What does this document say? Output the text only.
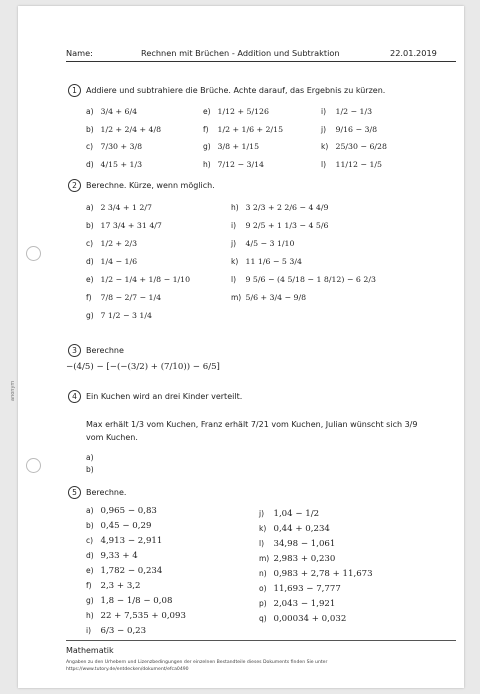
anonym
Name:	Rechnen mit Brüchen - Addition und Subtraktion	22.01.2019
1	Addiere und subtrahiere die Brüche. Achte darauf, das Ergebnis zu kürzen.
a) 3/4 + 6/4
b) 1/2 + 2/4 + 4/8
c) 7/30 + 3/8
d) 4/15 + 1/3
e) 1/12 + 5/126
f) 1/2 + 1/6 + 2/15
g) 3/8 + 1/15
h) 7/12 − 3/14
i) 1/2 − 1/3
j) 9/16 − 3/8
k) 25/30 − 6/28
l) 11/12 − 1/5
2	Berechne. Kürze, wenn möglich.
a) 2 3/4 + 1 2/7
b) 17 3/4 + 31 4/7
c) 1/2 + 2/3
d) 1/4 − 1/6
e) 1/2 − 1/4 + 1/8 − 1/10
f) 7/8 − 2/7 − 1/4
g) 7 1/2 − 3 1/4
h) 3 2/3 + 2 2/6 − 4 4/9
i) 9 2/5 + 1 1/3 − 4 5/6
j) 4/5 − 3 1/10
k) 11 1/6 − 5 3/4
l) 9 5/6 − (4 5/18 − 1 8/12) − 6 2/3
m) 5/6 + 3/4 − 9/8
3	Berechne
−(4/5) − [−(−(3/2) + (7/10)) − 6/5]
4	Ein Kuchen wird an drei Kinder verteilt.
Max erhält 1/3 vom Kuchen, Franz erhält 7/21 vom Kuchen, Julian wünscht sich 3/9 vom Kuchen.
a)
b)
5	Berechne.
a) 0,965 − 0,83
b) 0,45 − 0,29
c) 4,913 − 2,911
d) 9,33 + 4
e) 1,782 − 0,234
f) 2,3 + 3,2
g) 1,8 − 1/8 − 0,08
h) 22 + 7,535 + 0,093
i) 6/3 − 0,23
j) 1,04 − 1/2
k) 0,44 + 0,234
l) 34,98 − 1,061
m) 2,983 + 0,230
n) 0,983 + 2,78 + 11,673
o) 11,693 − 7,777
p) 2,043 − 1,921
q) 0,00034 + 0,032
Mathematik
Angaben zu den Urhebern und Lizenzbedingungen der einzelnen Bestandteile dieses Dokuments finden Sie unter
https://www.tutory.de/entdecken/dokument/efca0490
